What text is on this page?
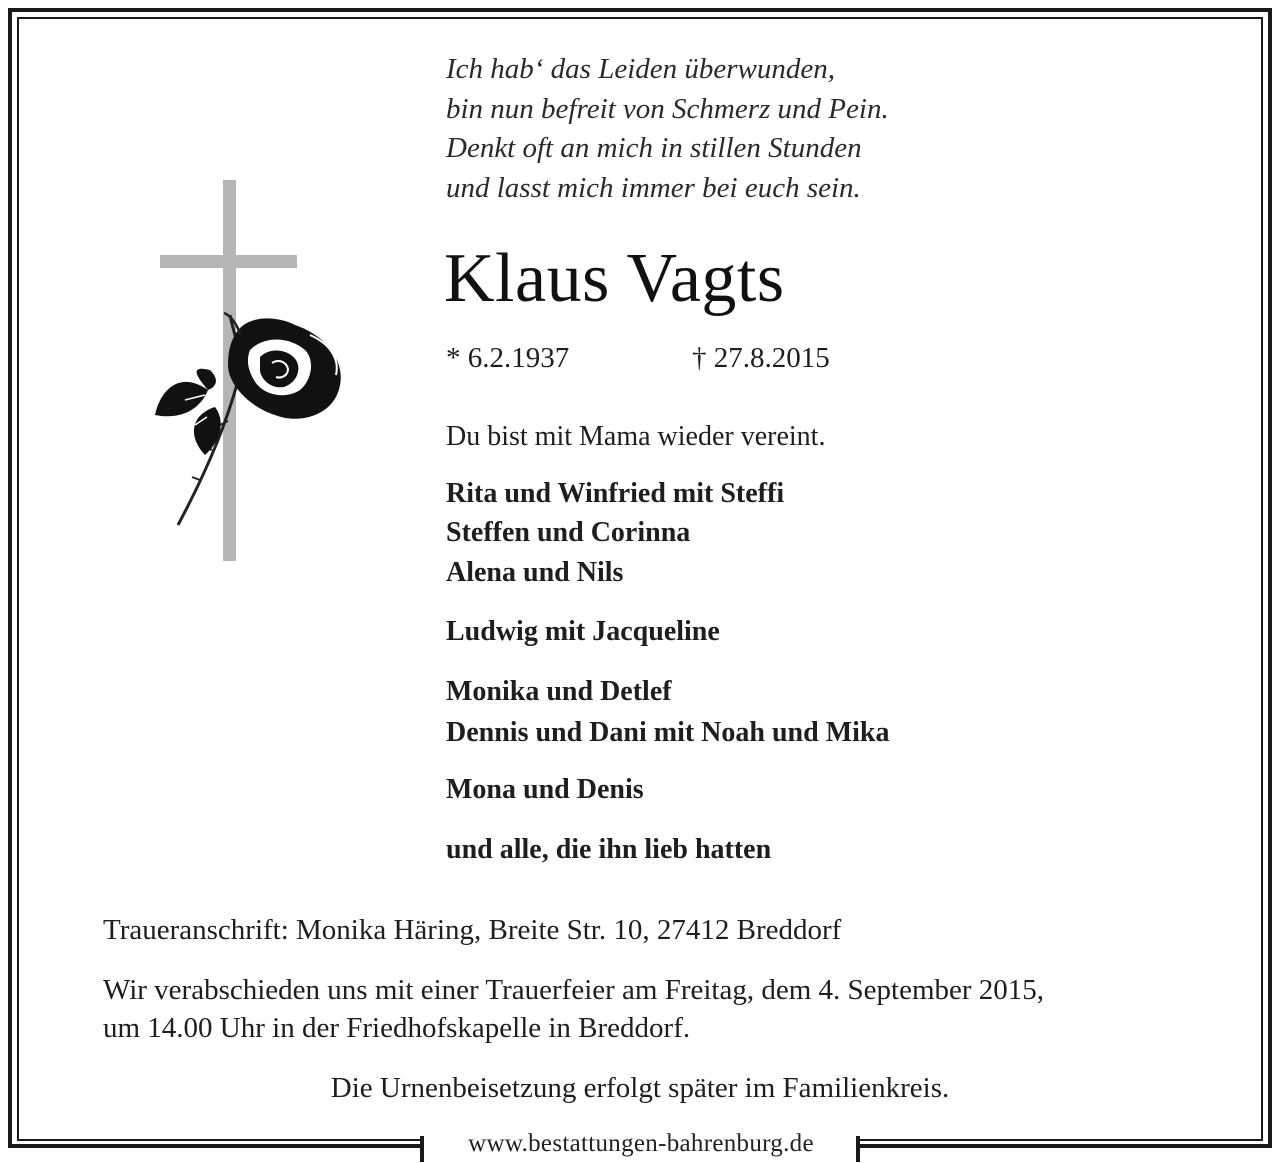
www.bestattungen-bahrenburg.de
Ich hab‘ das Leiden überwunden,
bin nun befreit von Schmerz und Pein.
Denkt oft an mich in stillen Stunden
und lasst mich immer bei euch sein.
Klaus Vagts
* 6.2.1937	† 27.8.2015
Du bist mit Mama wieder vereint.
Rita und Winfried mit Steffi
Steffen und Corinna
Alena und Nils
Ludwig mit Jacqueline
Monika und Detlef
Dennis und Dani mit Noah und Mika
Mona und Denis
und alle, die ihn lieb hatten
Traueranschrift: Monika Häring, Breite Str. 10, 27412 Breddorf
Wir verabschieden uns mit einer Trauerfeier am Freitag, dem 4. September 2015,
um 14.00 Uhr in der Friedhofskapelle in Breddorf.
Die Urnenbeisetzung erfolgt später im Familienkreis.
